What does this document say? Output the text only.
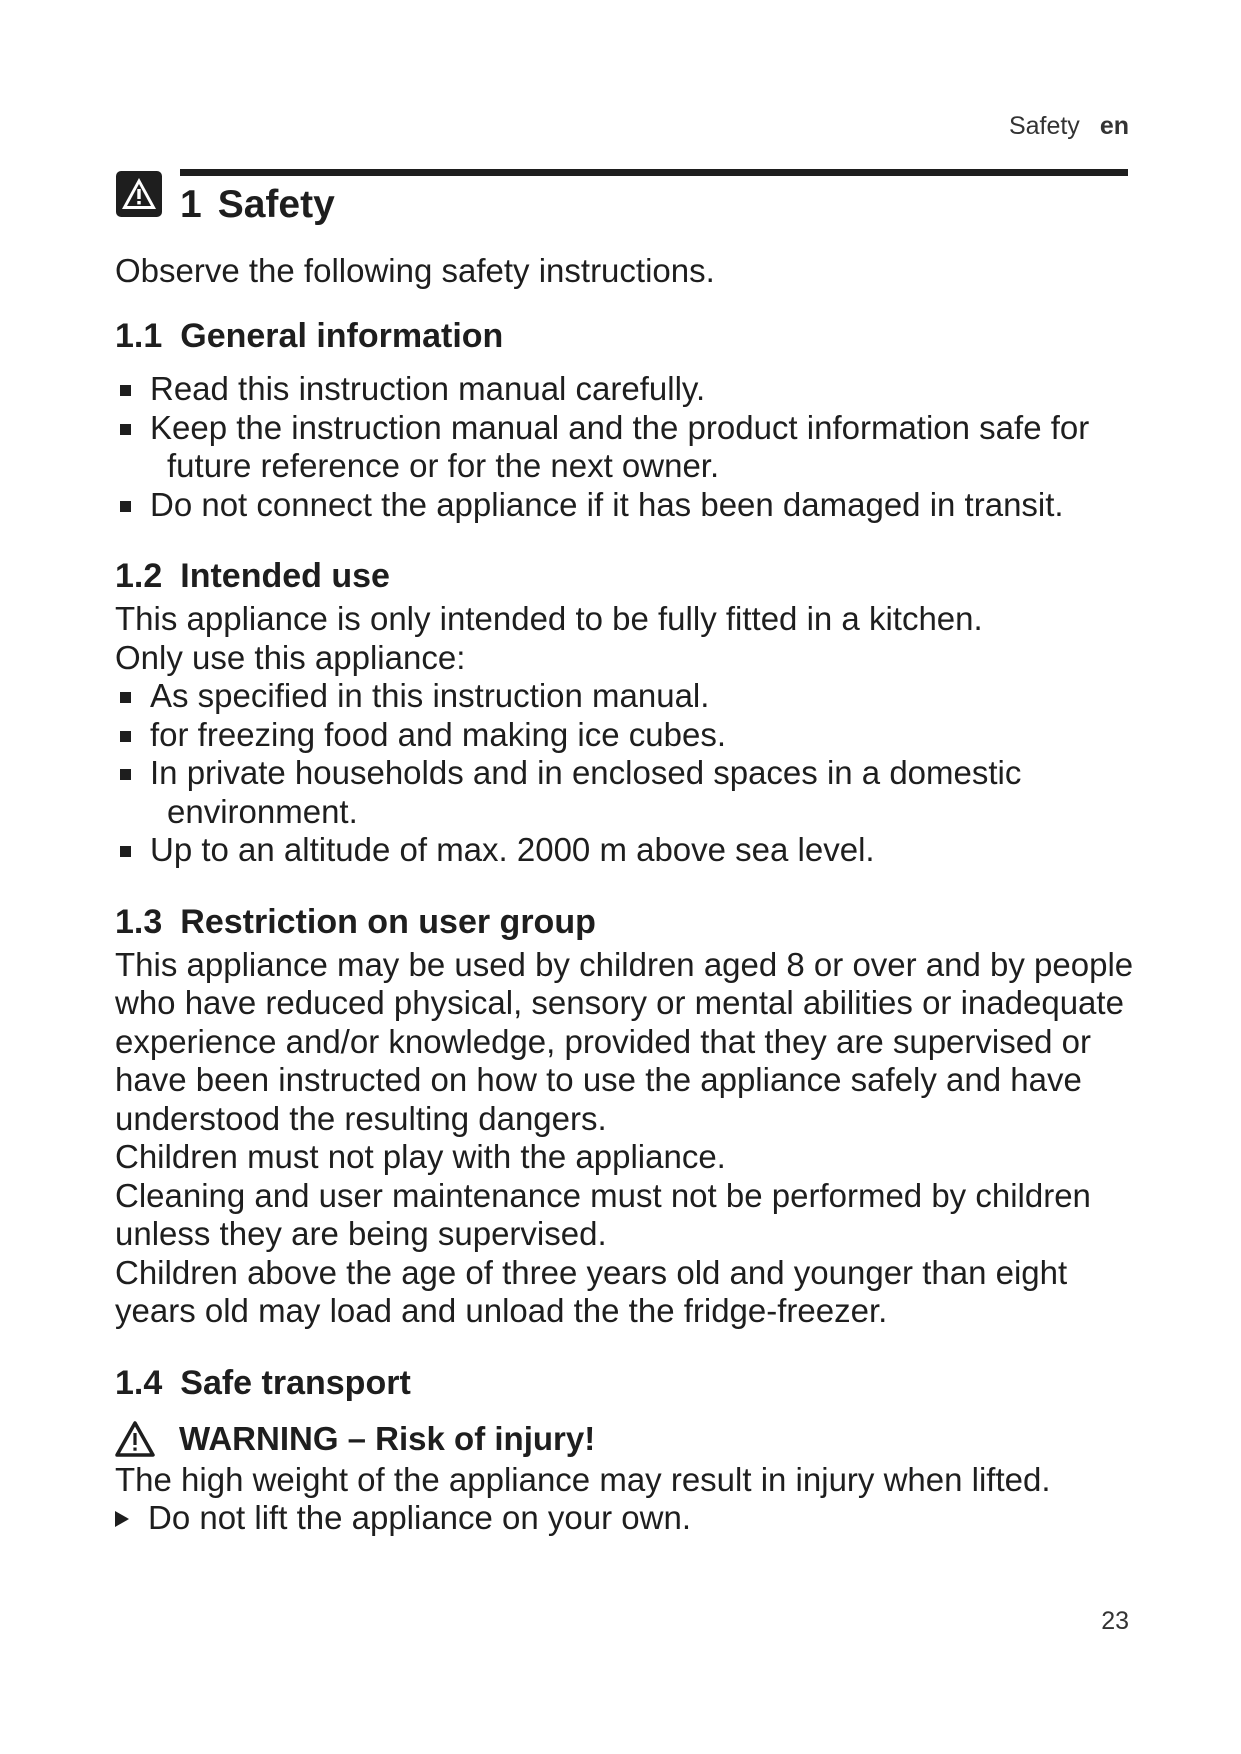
Safety en
1 Safety

Observe the following safety instructions.

1.1 General information
Read this instruction manual carefully.
Keep the instruction manual and the product information safe for future reference or for the next owner.
Do not connect the appliance if it has been damaged in transit.
1.2 Intended use

This appliance is only intended to be fully fitted in a kitchen.

Only use this appliance:

As specified in this instruction manual.
for freezing food and making ice cubes.
In private households and in enclosed spaces in a domestic environment.
Up to an altitude of max. 2000 m above sea level.
1.3 Restriction on user group

This appliance may be used by children aged 8 or over and by people who have reduced physical, sensory or mental abilities or inadequate experience and/or knowledge, provided that they are supervised or have been instructed on how to use the appliance safely and have understood the resulting dangers.

Children must not play with the appliance.

Cleaning and user maintenance must not be performed by children unless they are being supervised.

Children above the age of three years old and younger than eight years old may load and unload the the fridge-freezer.

1.4 Safe transport
WARNING – Risk of injury!

The high weight of the appliance may result in injury when lifted.

Do not lift the appliance on your own.
23
